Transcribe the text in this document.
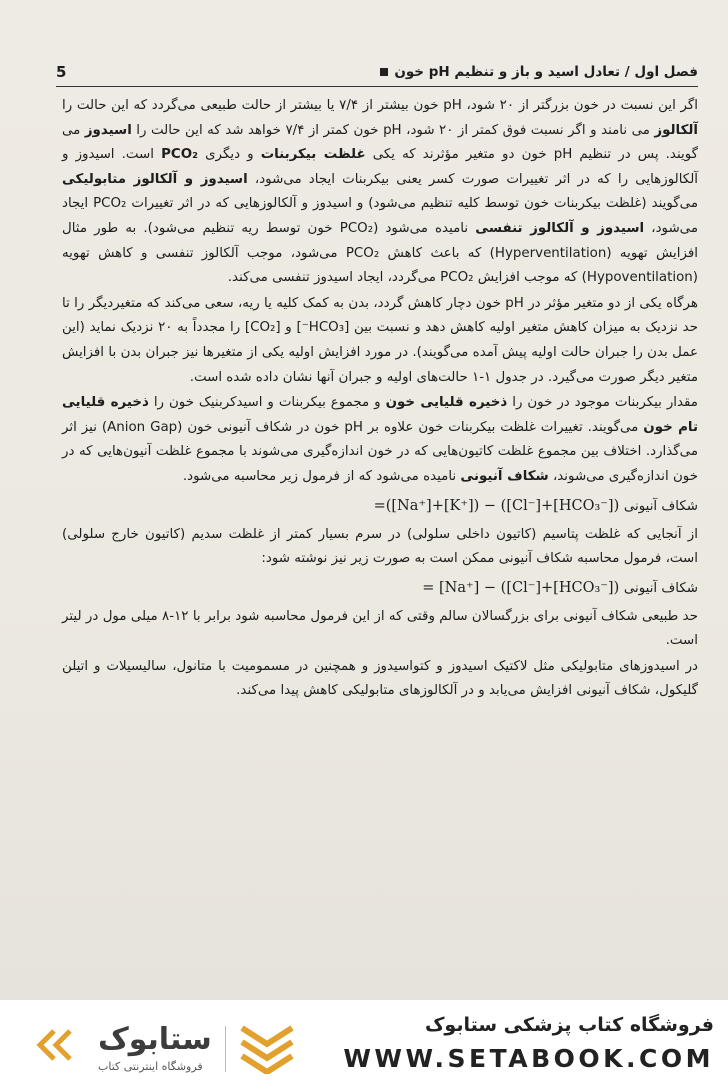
5	فصل اول / تعادل اسید و باز و تنظیم pH خون

اگر این نسبت در خون بزرگتر از ۲۰ شود، pH خون بیشتر از ۷/۴ یا بیشتر از حالت طبیعی می‌گردد که این حالت را آلکالوز می نامند و اگر نسبت فوق کمتر از ۲۰ شود، pH خون کمتر از ۷/۴ خواهد شد که این حالت را اسیدوز می گویند. پس در تنظیم pH خون دو متغیر مؤثرند که یکی غلظت بیکربنات و دیگری PCO₂ است. اسیدوز و آلکالوزهایی را که در اثر تغییرات صورت کسر یعنی بیکربنات ایجاد می‌شود، اسیدوز و آلکالوز متابولیکی می‌گویند (غلظت بیکربنات خون توسط کلیه تنظیم می‌شود) و اسیدوز و آلکالوزهایی که در اثر تغییرات PCO₂ ایجاد می‌شود، اسیدوز و آلکالوز تنفسی نامیده می‌شود (PCO₂ خون توسط ریه تنظیم می‌شود). به طور مثال افزایش تهویه (Hyperventilation) که باعث کاهش PCO₂ می‌شود، موجب آلکالوز تنفسی و کاهش تهویه (Hypoventilation) که موجب افزایش PCO₂ می‌گردد، ایجاد اسیدوز تنفسی می‌کند.

هرگاه یکی از دو متغیر مؤثر در pH خون دچار کاهش گردد، بدن به کمک کلیه یا ریه، سعی می‌کند که متغیردیگر را تا حد نزدیک به میزان کاهش متغیر اولیه کاهش دهد و نسبت بین [HCO₃⁻] و [CO₂] را مجدداً به ۲۰ نزدیک نماید (این عمل بدن را جبران حالت اولیه پیش آمده می‌گویند). در مورد افزایش اولیه یکی از متغیرها نیز جبران بدن با افزایش متغیر دیگر صورت می‌گیرد. در جدول ۱-۱ حالت‌های اولیه و جبران آنها نشان داده شده است.

مقدار بیکربنات موجود در خون را ذخیره قلیایی خون و مجموع بیکربنات و اسیدکربنیک خون را ذخیره قلیایی تام خون می‌گویند. تغییرات غلظت بیکربنات خون علاوه بر pH خون در شکاف آنیونی خون (Anion Gap) نیز اثر می‌گذارد. اختلاف بین مجموع غلظت کاتیون‌هایی که در خون اندازه‌گیری می‌شوند با مجموع غلظت آنیون‌هایی که در خون اندازه‌گیری می‌شوند، شکاف آنیونی نامیده می‌شود که از فرمول زیر محاسبه می‌شود.

شکاف آنیونی =([Na⁺]+[K⁺]) − ([Cl⁻]+[HCO₃⁻])

از آنجایی که غلظت پتاسیم (کاتیون داخلی سلولی) در سرم بسیار کمتر از غلظت سدیم (کاتیون خارج سلولی) است، فرمول محاسبه شکاف آنیونی ممکن است به صورت زیر نیز نوشته شود:

شکاف آنیونی = [Na⁺] − ([Cl⁻]+[HCO₃⁻])

حد طبیعی شکاف آنیونی برای بزرگسالان سالم وقتی که از این فرمول محاسبه شود برابر با ۱۲-۸ میلی مول در لیتر است.

در اسیدوزهای متابولیکی مثل لاکتیک اسیدوز و کتواسیدوز و همچنین در مسمومیت با متانول، سالیسیلات و اتیلن گلیکول، شکاف آنیونی افزایش می‌یابد و در آلکالوزهای متابولیکی کاهش پیدا می‌کند.

ستابوک
فروشگاه اینترنتی کتاب
فروشگاه کتاب پزشکی ستابوک
WWW.SETABOOK.COM
